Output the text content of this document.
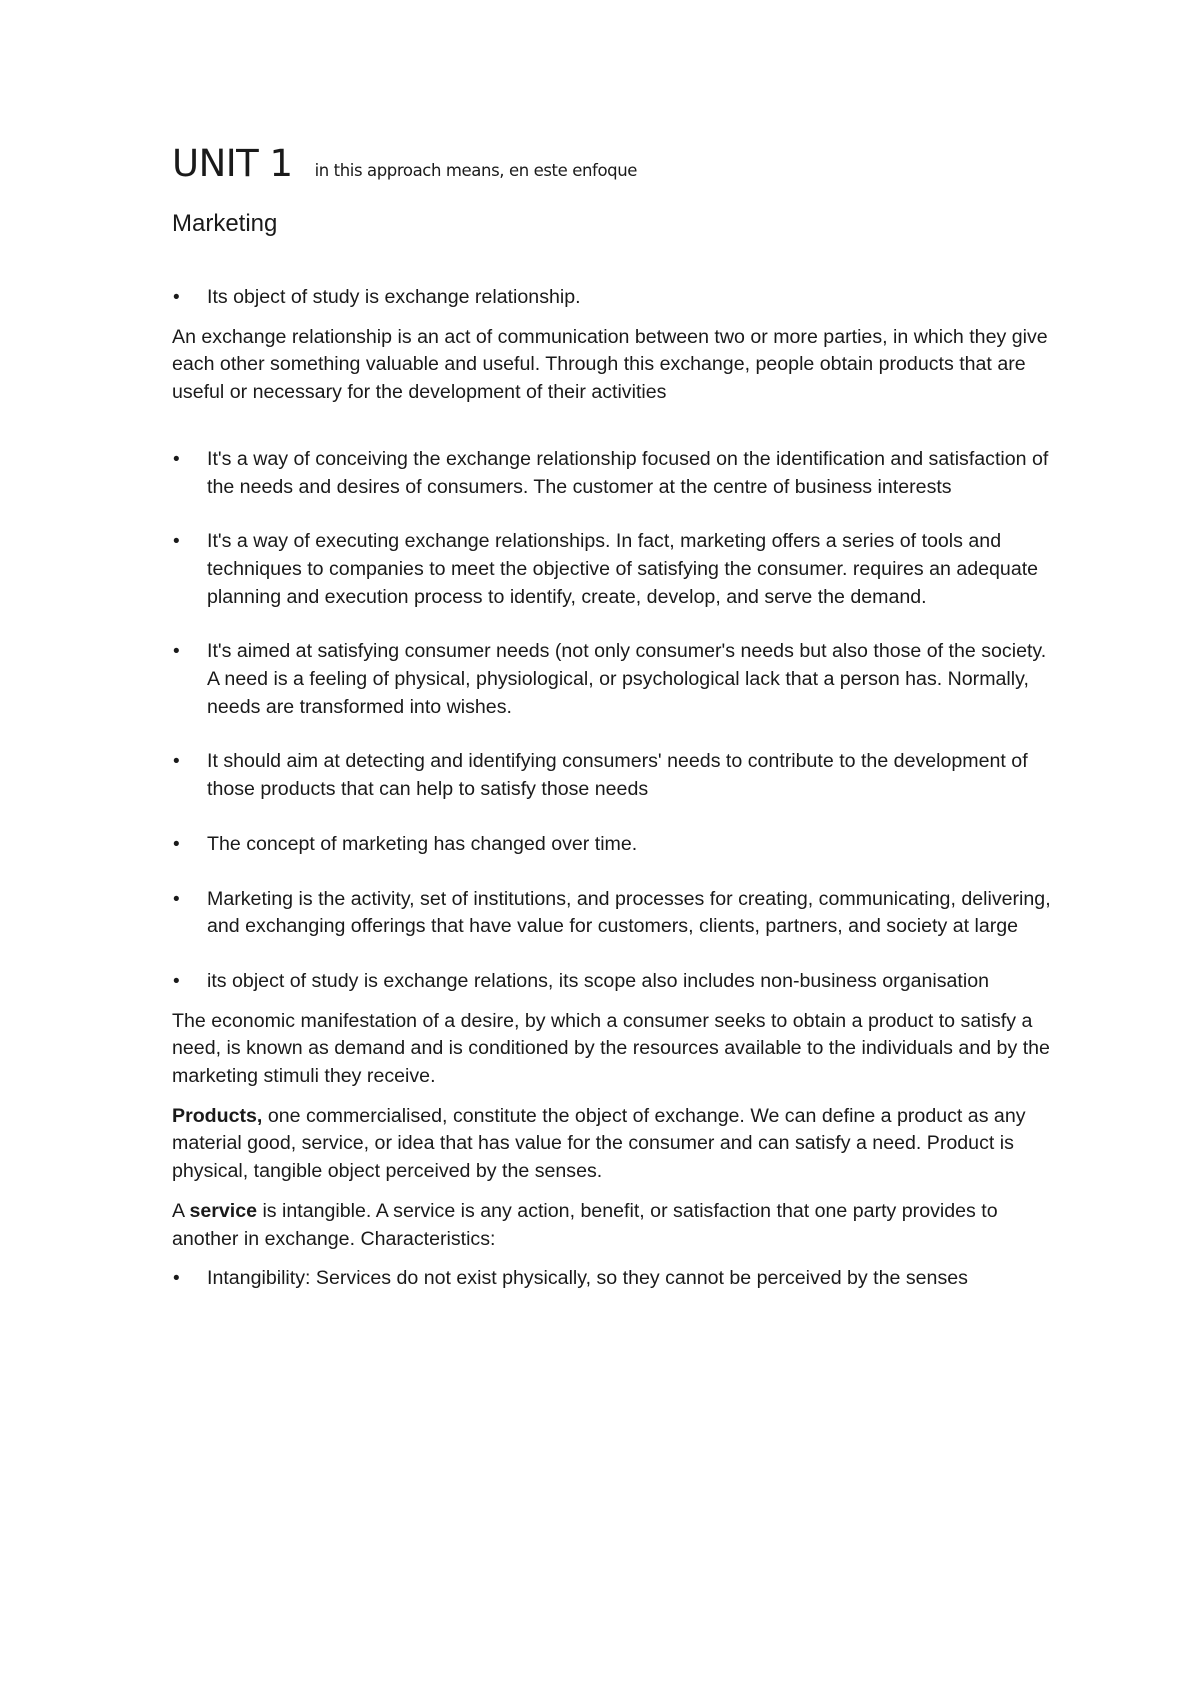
UNIT 1 in this approach means, en este enfoque
Marketing
• Its object of study is exchange relationship.

An exchange relationship is an act of communication between two or more parties, in which they give each other something valuable and useful. Through this exchange, people obtain products that are useful or necessary for the development of their activities

• It's a way of conceiving the exchange relationship focused on the identification and satisfaction of the needs and desires of consumers. The customer at the centre of business interests
• It's a way of executing exchange relationships. In fact, marketing offers a series of tools and techniques to companies to meet the objective of satisfying the consumer. requires an adequate planning and execution process to identify, create, develop, and serve the demand.
• It's aimed at satisfying consumer needs (not only consumer's needs but also those of the society. A need is a feeling of physical, physiological, or psychological lack that a person has. Normally, needs are transformed into wishes.
• It should aim at detecting and identifying consumers' needs to contribute to the development of those products that can help to satisfy those needs
• The concept of marketing has changed over time.
• Marketing is the activity, set of institutions, and processes for creating, communicating, delivering, and exchanging offerings that have value for customers, clients, partners, and society at large
• its object of study is exchange relations, its scope also includes non-business organisation

The economic manifestation of a desire, by which a consumer seeks to obtain a product to satisfy a need, is known as demand and is conditioned by the resources available to the individuals and by the marketing stimuli they receive.

Products, one commercialised, constitute the object of exchange. We can define a product as any material good, service, or idea that has value for the consumer and can satisfy a need. Product is physical, tangible object perceived by the senses.

A service is intangible. A service is any action, benefit, or satisfaction that one party provides to another in exchange. Characteristics:

• Intangibility: Services do not exist physically, so they cannot be perceived by the senses
